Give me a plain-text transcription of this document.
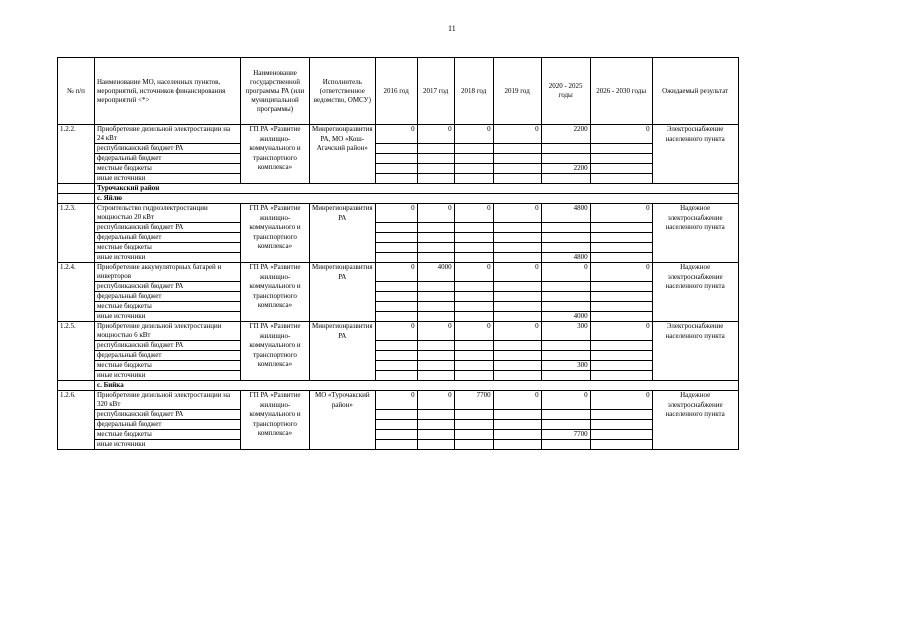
11
№ п/п	Наименование МО, населенных пунктов, мероприятий, источников финансирования мероприятий <*>	Наименование государственной программы РА (или муниципальной программы)	Исполнитель (ответственное ведомство, ОМСУ)	2016 год	2017 год	2018 год	2019 год	2020 - 2025 годы	2026 - 2030 годы	Ожидаемый результат
1.2.2.	Приобретение дизельной электростанции на 24 кВт	ГП РА «Развитие жилищно-коммунального и транспортного комплекса»	Минрегионразвития РА, МО «Кош-Агачский район»	0	0	0	0	2200	0	Электроснабжение населенного пункта
	республиканский бюджет РА									
	федеральный бюджет									
	местные бюджеты							2200		
	иные источники									
	Турочакский район									
	с. Яйлю									
1.2.3.	Строительство гидроэлектростанции мощностью 20 кВт	ГП РА «Развитие жилищно-коммунального и транспортного комплекса»	Минрегионразвития РА	0	0	0	0	4800	0	Надежное электроснабжение населенного пункта
	республиканский бюджет РА									
	федеральный бюджет									
	местные бюджеты									
	иные источники							4800		
1.2.4.	Приобретение аккумуляторных батарей и инверторов	ГП РА «Развитие жилищно-коммунального и транспортного комплекса»	Минрегионразвития РА	0	4000	0	0	0	0	Надежное электроснабжение населенного пункта
	республиканский бюджет РА									
	федеральный бюджет									
	местные бюджеты									
	иные источники							4000		
1.2.5.	Приобретение дизельной электростанции мощностью 6 кВт	ГП РА «Развитие жилищно-коммунального и транспортного комплекса»	Минрегионразвития РА	0	0	0	0	300	0	Электроснабжение населенного пункта
	республиканский бюджет РА									
	федеральный бюджет									
	местные бюджеты							300		
	иные источники									
	с. Бийка									
1.2.6.	Приобретение дизельной электростанции на 320 кВт	ГП РА «Развитие жилищно-коммунального и транспортного комплекса»	МО «Турочакский район»	0	0	7700	0	0	0	Надежное электроснабжение населенного пункта
	республиканский бюджет РА									
	федеральный бюджет									
	местные бюджеты							7700		
	иные источники									
